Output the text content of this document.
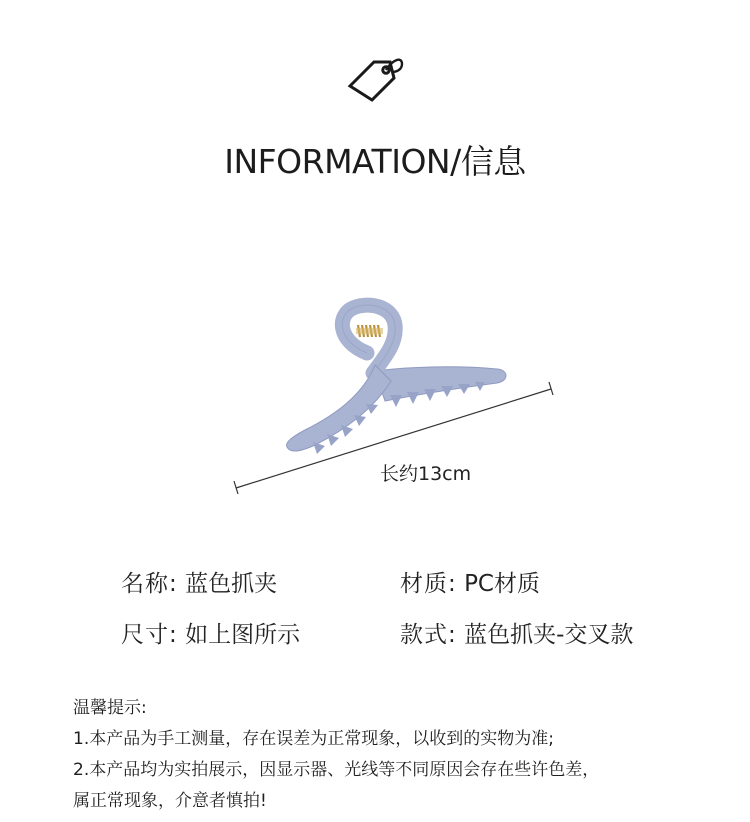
INFORMATION/信息
长约13cm
名称: 蓝色抓夹	材质: PC材质
尺寸: 如上图所示	款式: 蓝色抓夹-交叉款
温馨提示:
1.本产品为手工测量，存在误差为正常现象，以收到的实物为准;
2.本产品均为实拍展示，因显示器、光线等不同原因会存在些许色差，
属正常现象，介意者慎拍!
